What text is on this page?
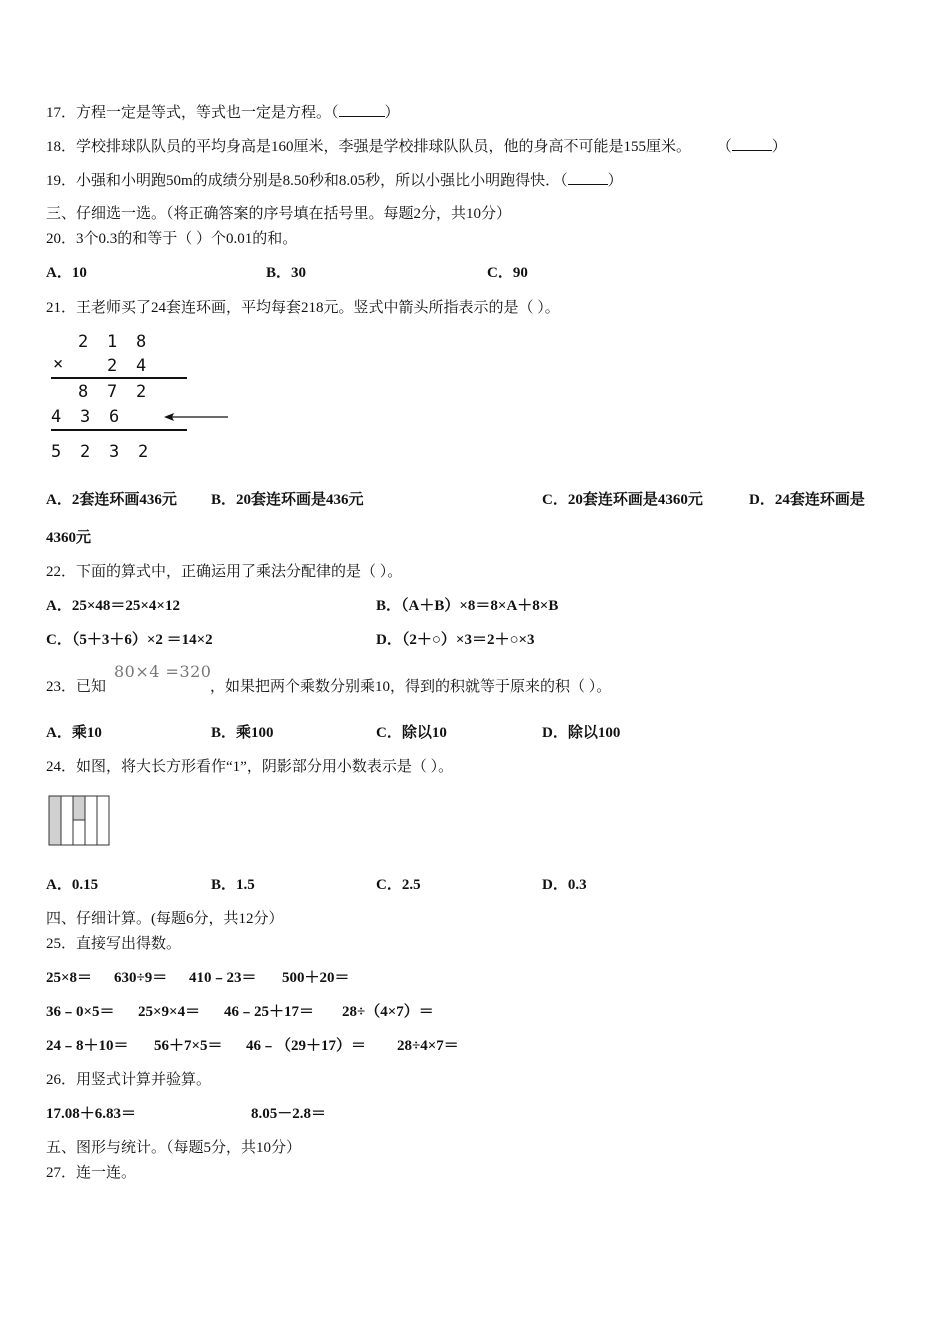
17．方程一定是等式，等式也一定是方程。（	）
18．学校排球队队员的平均身高是160厘米，李强是学校排球队队员，他的身高不可能是155厘米。 （	）
19．小强和小明跑50m的成绩分别是8.50秒和8.05秒，所以小强比小明跑得快．（	）
三、仔细选一选。（将正确答案的序号填在括号里。每题2分，共10分）
20．3个0.3的和等于（ ）个0.01的和。
A．10	B．30	C．90
21．王老师买了24套连环画，平均每套218元。竖式中箭头所指表示的是（ ）。
2 1 8
×	2 4
8 7 2
4 3 6
5 2 3 2
A．2套连环画436元 B．20套连环画是436元	C．20套连环画是4360元	D．24套连环画是
4360元
22．下面的算式中，正确运用了乘法分配律的是（ ）。
A．25×48＝25×4×12	B．（A＋B）×8＝8×A＋8×B
C．（5＋3＋6）×2 ＝14×2	D．（2＋○）×3＝2＋○×3
23．已知
80×4 =320
，如果把两个乘数分别乘10，得到的积就等于原来的积（ ）。
A．乘10	B．乘100	C．除以10	D．除以100
24．如图，将大长方形看作“1”，阴影部分用小数表示是（ ）。
A．0.15	B．1.5	C．2.5	D．0.3
四、仔细计算。(每题6分，共12分）
25．直接写出得数。
25×8＝ 630÷9＝ 410﹣23＝ 500＋20＝
36﹣0×5＝ 25×9×4＝ 46﹣25＋17＝ 28÷（4×7）＝
24﹣8＋10＝ 56＋7×5＝ 46﹣（29＋17）＝ 28÷4×7＝
26．用竖式计算并验算。
17.08＋6.83＝	8.05－2.8＝
五、图形与统计。（每题5分，共10分）
27．连一连。
